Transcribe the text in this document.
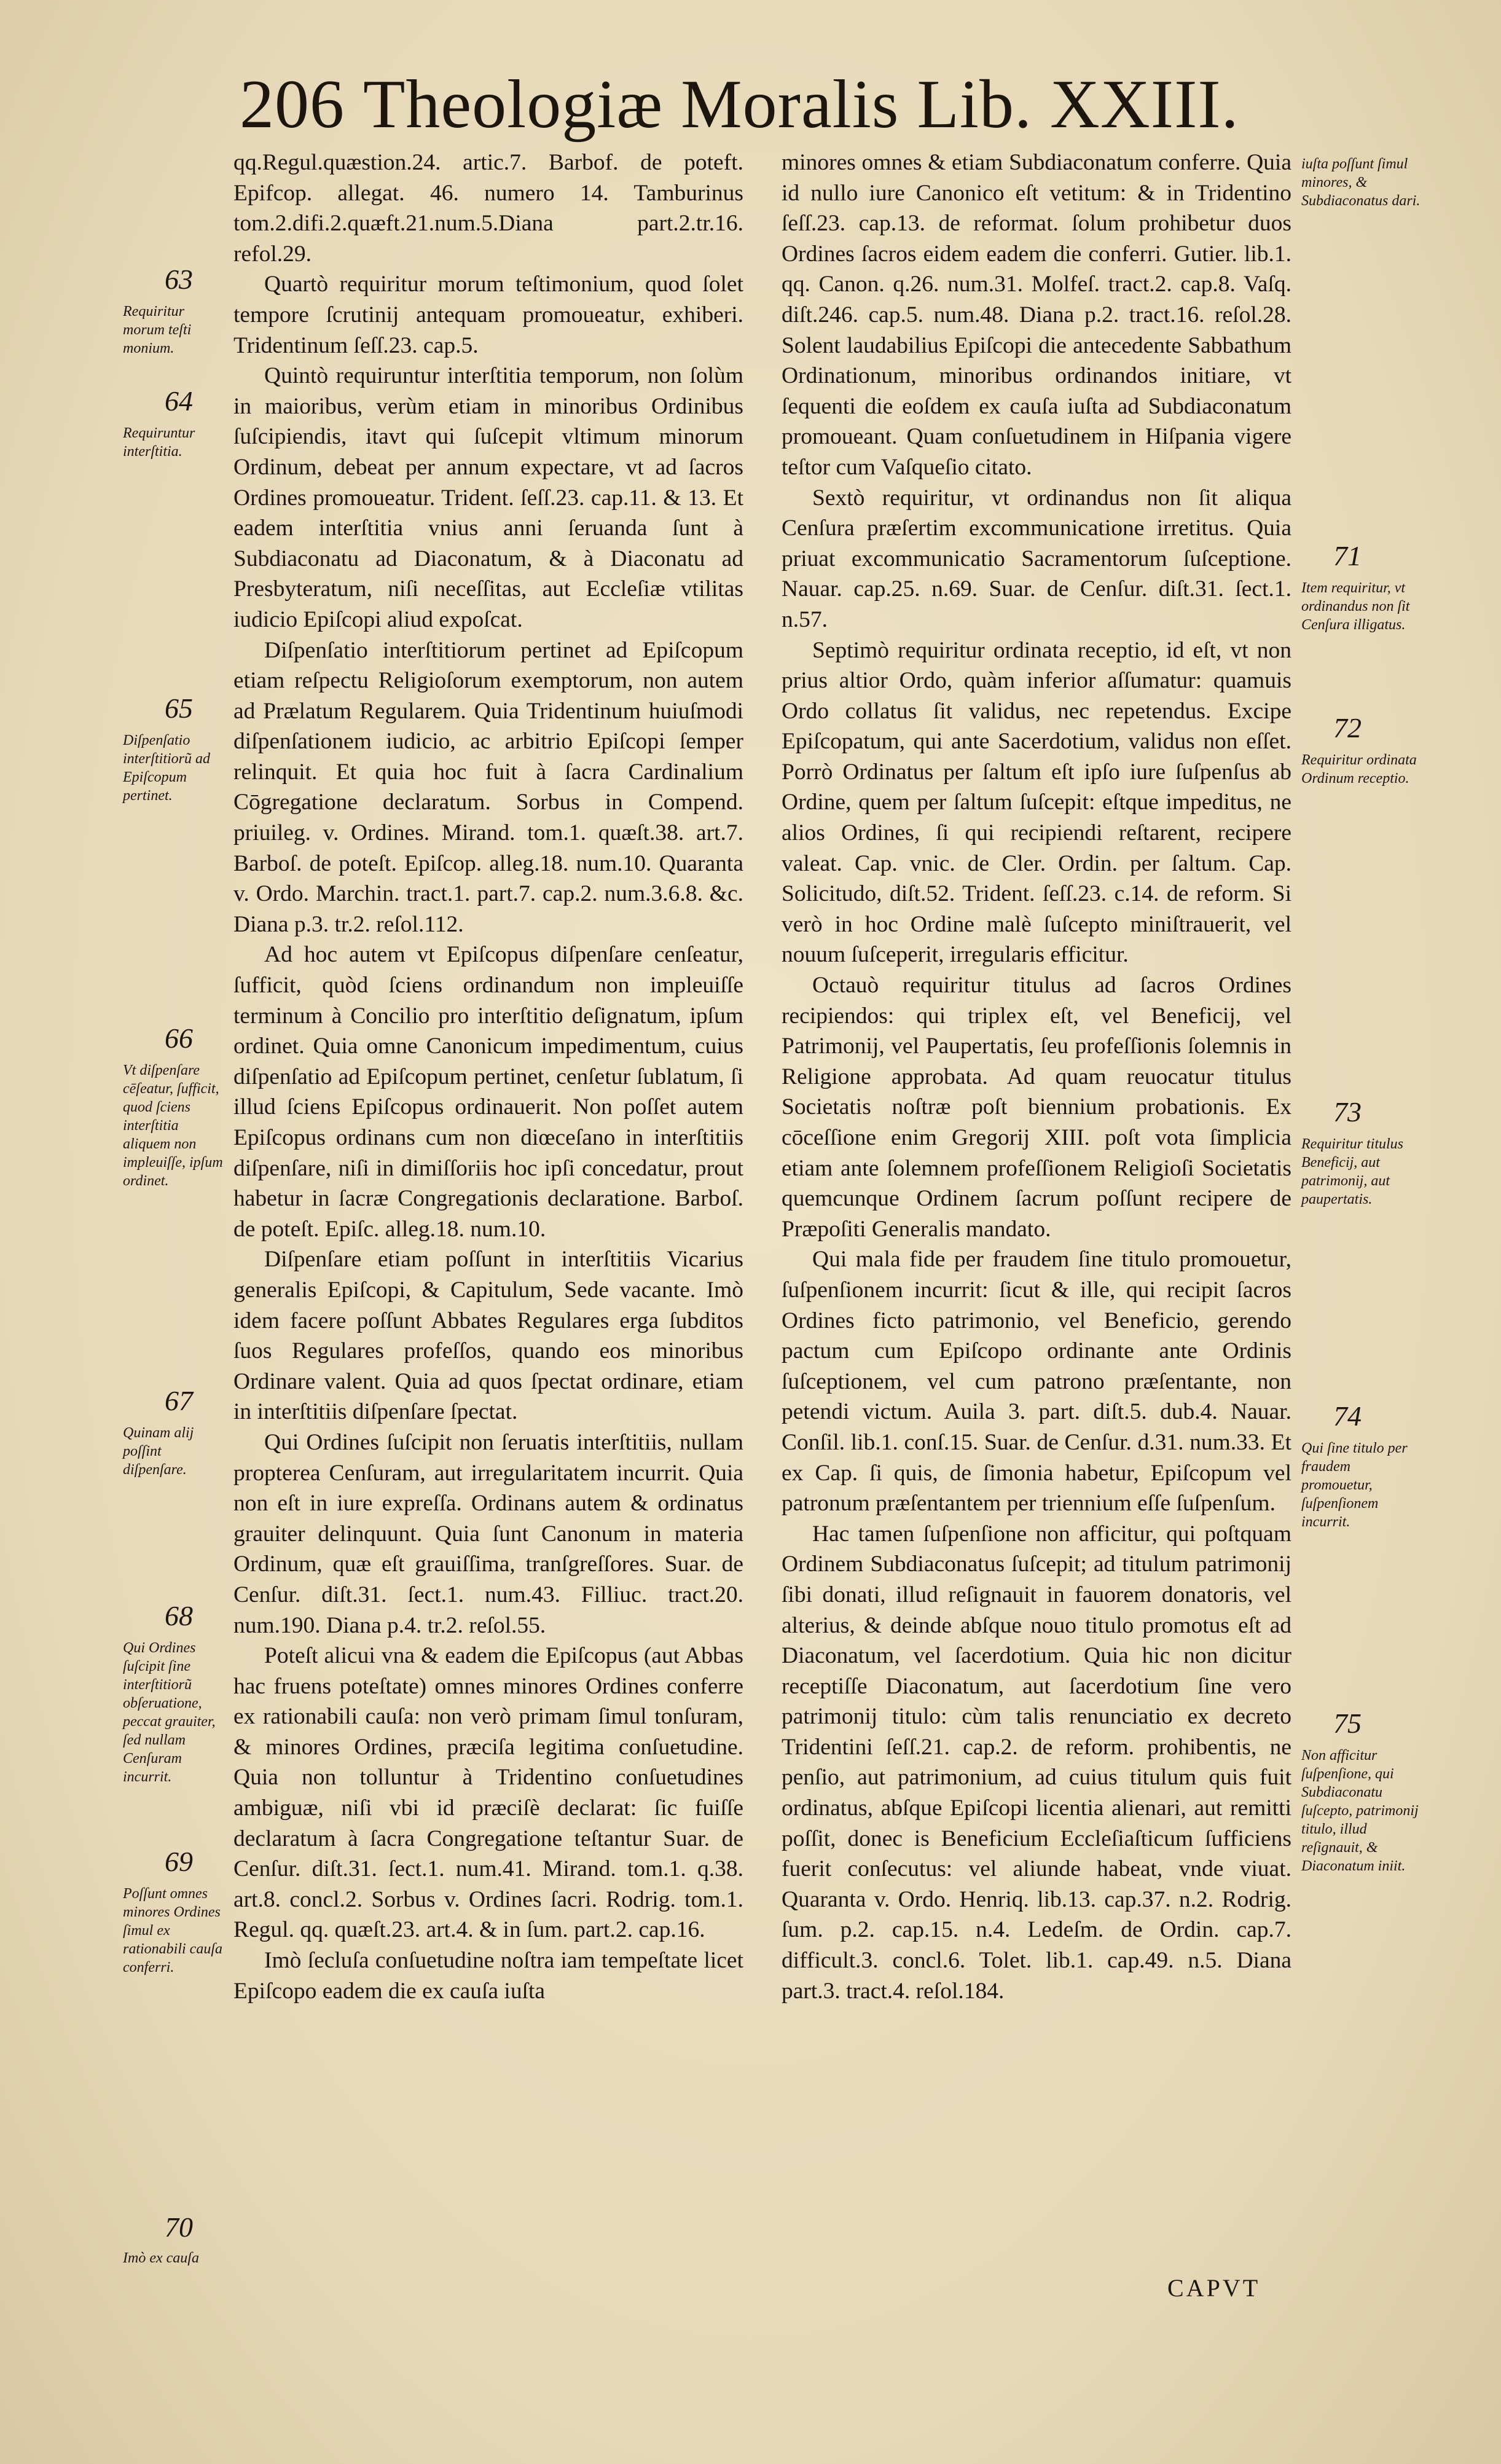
206 Theologiæ Moralis Lib. XXIII.

qq.Regul.quæstion.24. artic.7. Barbof. de poteft. Epifcop. allegat. 46. numero 14. Tamburinus tom.2.difi.2.quæft.21.num.5.Diana part.2.tr.16. refol.29.

Quartò requiritur morum teſtimonium, quod ſolet tempore ſcrutinij antequam promoueatur, exhiberi. Tridentinum ſeſſ.23. cap.5.

Quintò requiruntur interſtitia temporum, non ſolùm in maioribus, verùm etiam in minoribus Ordinibus ſuſcipiendis, itavt qui ſuſcepit vltimum minorum Ordinum, debeat per annum expectare, vt ad ſacros Ordines promoueatur. Trident. ſeſſ.23. cap.11. & 13. Et eadem interſtitia vnius anni ſeruanda ſunt à Subdiaconatu ad Diaconatum, & à Diaconatu ad Presbyteratum, niſi neceſſitas, aut Eccleſiæ vtilitas iudicio Epiſcopi aliud expoſcat.

Diſpenſatio interſtitiorum pertinet ad Epiſcopum etiam reſpectu Religioſorum exemptorum, non autem ad Prælatum Regularem. Quia Tridentinum huiuſmodi diſpenſationem iudicio, ac arbitrio Epiſcopi ſemper relinquit. Et quia hoc fuit à ſacra Cardinalium Cōgregatione declaratum. Sorbus in Compend. priuileg. v. Ordines. Mirand. tom.1. quæſt.38. art.7. Barboſ. de poteſt. Epiſcop. alleg.18. num.10. Quaranta v. Ordo. Marchin. tract.1. part.7. cap.2. num.3.6.8. &c. Diana p.3. tr.2. reſol.112.

Ad hoc autem vt Epiſcopus diſpenſare cenſeatur, ſufficit, quòd ſciens ordinandum non impleuiſſe terminum à Concilio pro interſtitio deſignatum, ipſum ordinet. Quia omne Canonicum impedimentum, cuius diſpenſatio ad Epiſcopum pertinet, cenſetur ſublatum, ſi illud ſciens Epiſcopus ordinauerit. Non poſſet autem Epiſcopus ordinans cum non diœceſano in interſtitiis diſpenſare, niſi in dimiſſoriis hoc ipſi concedatur, prout habetur in ſacræ Congregationis declaratione. Barboſ. de poteſt. Epiſc. alleg.18. num.10.

Diſpenſare etiam poſſunt in interſtitiis Vicarius generalis Epiſcopi, & Capitulum, Sede vacante. Imò idem facere poſſunt Abbates Regulares erga ſubditos ſuos Regulares profeſſos, quando eos minoribus Ordinare valent. Quia ad quos ſpectat ordinare, etiam in interſtitiis diſpenſare ſpectat.

Qui Ordines ſuſcipit non ſeruatis interſtitiis, nullam propterea Cenſuram, aut irregularitatem incurrit. Quia non eſt in iure expreſſa. Ordinans autem & ordinatus grauiter delinquunt. Quia ſunt Canonum in materia Ordinum, quæ eſt grauiſſima, tranſgreſſores. Suar. de Cenſur. diſt.31. ſect.1. num.43. Filliuc. tract.20. num.190. Diana p.4. tr.2. reſol.55.

Poteſt alicui vna & eadem die Epiſcopus (aut Abbas hac fruens poteſtate) omnes minores Ordines conferre ex rationabili cauſa: non verò primam ſimul tonſuram, & minores Ordines, præciſa legitima conſuetudine. Quia non tolluntur à Tridentino conſuetudines ambiguæ, niſi vbi id præciſè declarat: ſic fuiſſe declaratum à ſacra Congregatione teſtantur Suar. de Cenſur. diſt.31. ſect.1. num.41. Mirand. tom.1. q.38. art.8. concl.2. Sorbus v. Ordines ſacri. Rodrig. tom.1. Regul. qq. quæſt.23. art.4. & in ſum. part.2. cap.16.

Imò ſecluſa conſuetudine noſtra iam tempeſtate licet Epiſcopo eadem die ex cauſa iuſta

minores omnes & etiam Subdiaconatum conferre. Quia id nullo iure Canonico eſt vetitum: & in Tridentino ſeſſ.23. cap.13. de reformat. ſolum prohibetur duos Ordines ſacros eidem eadem die conferri. Gutier. lib.1. qq. Canon. q.26. num.31. Molfeſ. tract.2. cap.8. Vaſq. diſt.246. cap.5. num.48. Diana p.2. tract.16. reſol.28. Solent laudabilius Epiſcopi die antecedente Sabbathum Ordinationum, minoribus ordinandos initiare, vt ſequenti die eoſdem ex cauſa iuſta ad Subdiaconatum promoueant. Quam conſuetudinem in Hiſpania vigere teſtor cum Vaſqueſio citato.

Sextò requiritur, vt ordinandus non ſit aliqua Cenſura præſertim excommunicatione irretitus. Quia priuat excommunicatio Sacramentorum ſuſceptione. Nauar. cap.25. n.69. Suar. de Cenſur. diſt.31. ſect.1. n.57.

Septimò requiritur ordinata receptio, id eſt, vt non prius altior Ordo, quàm inferior aſſumatur: quamuis Ordo collatus ſit validus, nec repetendus. Excipe Epiſcopatum, qui ante Sacerdotium, validus non eſſet. Porrò Ordinatus per ſaltum eſt ipſo iure ſuſpenſus ab Ordine, quem per ſaltum ſuſcepit: eſtque impeditus, ne alios Ordines, ſi qui recipiendi reſtarent, recipere valeat. Cap. vnic. de Cler. Ordin. per ſaltum. Cap. Solicitudo, diſt.52. Trident. ſeſſ.23. c.14. de reform. Si verò in hoc Ordine malè ſuſcepto miniſtrauerit, vel nouum ſuſceperit, irregularis efficitur.

Octauò requiritur titulus ad ſacros Ordines recipiendos: qui triplex eſt, vel Beneficij, vel Patrimonij, vel Paupertatis, ſeu profeſſionis ſolemnis in Religione approbata. Ad quam reuocatur titulus Societatis noſtræ poſt biennium probationis. Ex cōceſſione enim Gregorij XIII. poſt vota ſimplicia etiam ante ſolemnem profeſſionem Religioſi Societatis quemcunque Ordinem ſacrum poſſunt recipere de Præpoſiti Generalis mandato.

Qui mala fide per fraudem ſine titulo promouetur, ſuſpenſionem incurrit: ſicut & ille, qui recipit ſacros Ordines ficto patrimonio, vel Beneficio, gerendo pactum cum Epiſcopo ordinante ante Ordinis ſuſceptionem, vel cum patrono præſentante, non petendi victum. Auila 3. part. diſt.5. dub.4. Nauar. Conſil. lib.1. conſ.15. Suar. de Cenſur. d.31. num.33. Et ex Cap. ſi quis, de ſimonia habetur, Epiſcopum vel patronum præſentantem per triennium eſſe ſuſpenſum.

Hac tamen ſuſpenſione non afficitur, qui poſtquam Ordinem Subdiaconatus ſuſcepit; ad titulum patrimonij ſibi donati, illud reſignauit in fauorem donatoris, vel alterius, & deinde abſque nouo titulo promotus eſt ad Diaconatum, vel ſacerdotium. Quia hic non dicitur receptiſſe Diaconatum, aut ſacerdotium ſine vero patrimonij titulo: cùm talis renunciatio ex decreto Tridentini ſeſſ.21. cap.2. de reform. prohibentis, ne penſio, aut patrimonium, ad cuius titulum quis fuit ordinatus, abſque Epiſcopi licentia alienari, aut remitti poſſit, donec is Beneficium Eccleſiaſticum ſufficiens fuerit conſecutus: vel aliunde habeat, vnde viuat. Quaranta v. Ordo. Henriq. lib.13. cap.37. n.2. Rodrig. ſum. p.2. cap.15. n.4. Ledeſm. de Ordin. cap.7. difficult.3. concl.6. Tolet. lib.1. cap.49. n.5. Diana part.3. tract.4. reſol.184.

63
Requiritur morum teſti monium.
64
Requiruntur interſtitia.
65
Diſpenſatio interſtitiorũ ad Epiſcopum pertinet.
66
Vt diſpenſare cēſeatur, ſufficit, quod ſciens interſtitia aliquem non impleuiſſe, ipſum ordinet.
67
Quinam alij poſſint diſpenſare.
68
Qui Ordines ſuſcipit ſine interſtitiorũ obſeruatione, peccat grauiter, ſed nullam Cenſuram incurrit.
69
Poſſunt omnes minores Ordines ſimul ex rationabili cauſa conferri.
70
Imò ex cauſa
iuſta poſſunt ſimul minores, & Subdiaconatus dari.
71
Item requiritur, vt ordinandus non ſit Cenſura illigatus.
72
Requiritur ordinata Ordinum receptio.
73
Requiritur titulus Beneficij, aut patrimonij, aut paupertatis.
74
Qui ſine titulo per fraudem promouetur, ſuſpenſionem incurrit.
75
Non afficitur ſuſpenſione, qui Subdiaconatu ſuſcepto, patrimonij titulo, illud reſignauit, & Diaconatum iniit.
CAPVT
